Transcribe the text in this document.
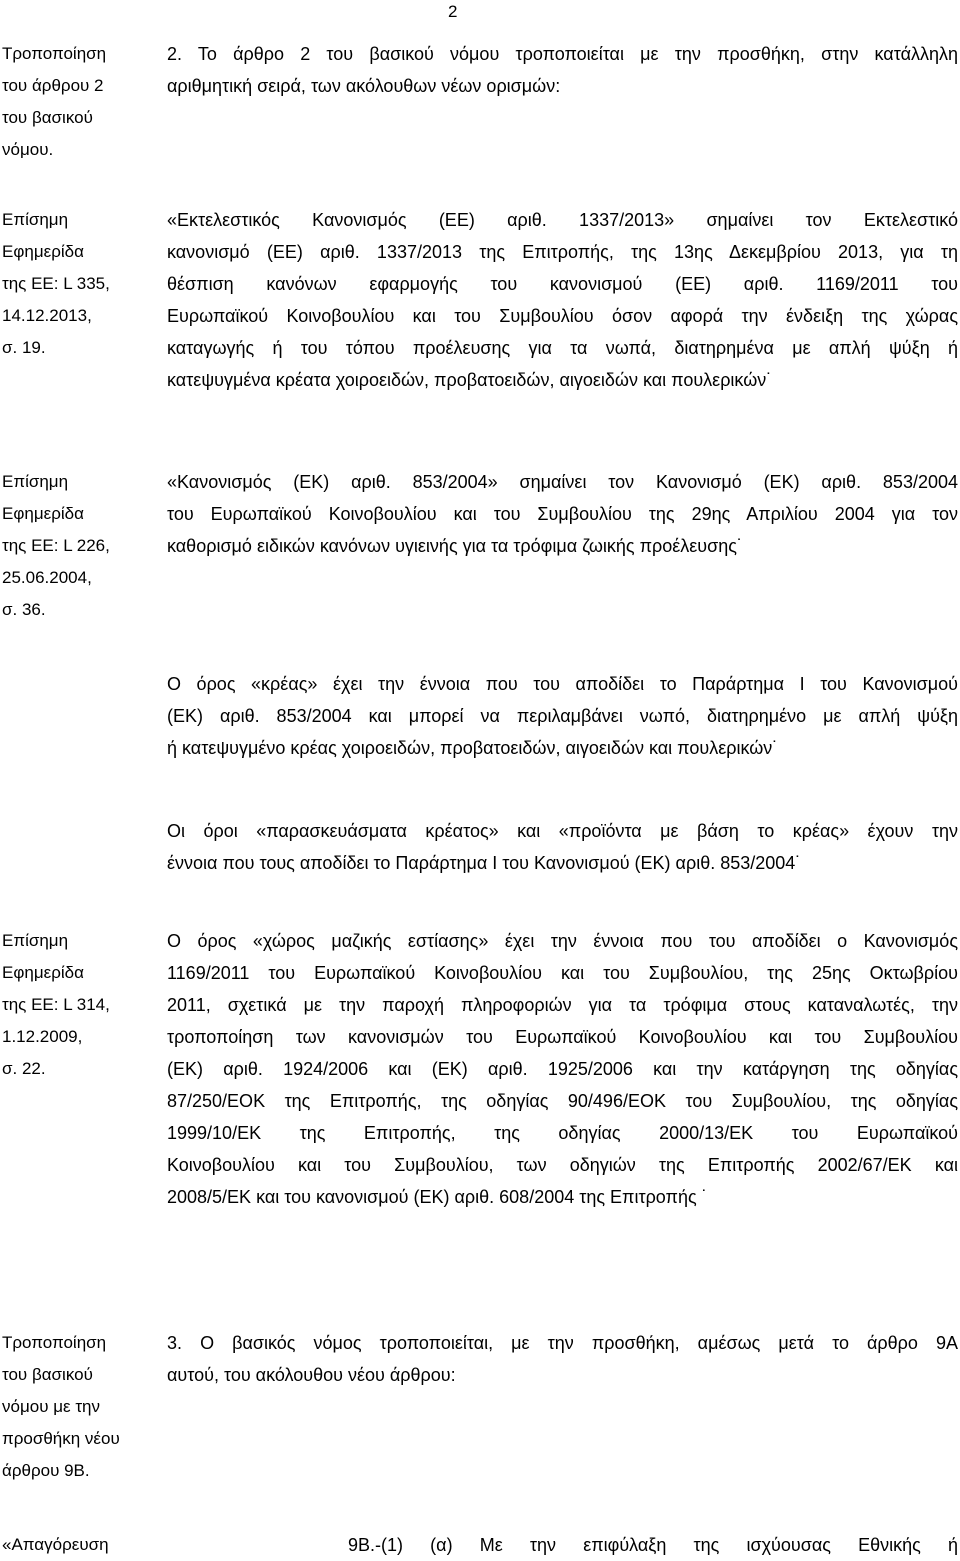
2
Τροποποίηση
του άρθρου 2
του βασικού
νόμου.
2. Το άρθρο 2 του βασικού νόμου τροποποιείται με την προσθήκη, στην κατάλληλη
αριθμητική σειρά, των ακόλουθων νέων ορισμών:
Επίσημη
Εφημερίδα
της ΕΕ: L 335,
14.12.2013,
σ. 19.
«Εκτελεστικός Κανονισμός (ΕΕ) αριθ. 1337/2013» σημαίνει τον Εκτελεστικό
κανονισμό (ΕΕ) αριθ. 1337/2013 της Επιτροπής, της 13ης Δεκεμβρίου 2013, για τη
θέσπιση κανόνων εφαρμογής του κανονισμού (ΕΕ) αριθ. 1169/2011 του
Ευρωπαϊκού Κοινοβουλίου και του Συμβουλίου όσον αφορά την ένδειξη της χώρας
καταγωγής ή του τόπου προέλευσης για τα νωπά, διατηρημένα με απλή ψύξη ή
κατεψυγμένα κρέατα χοιροειδών, προβατοειδών, αιγοειδών και πουλερικών˙
Επίσημη
Εφημερίδα
της ΕΕ: L 226,
25.06.2004,
σ. 36.
«Κανονισμός (ΕΚ) αριθ. 853/2004» σημαίνει τον Κανονισμό (ΕΚ) αριθ. 853/2004
του Ευρωπαϊκού Κοινοβουλίου και του Συμβουλίου της 29ης Απριλίου 2004 για τον
καθορισμό ειδικών κανόνων υγιεινής για τα τρόφιμα ζωικής προέλευσης˙
Ο όρος «κρέας» έχει την έννοια που του αποδίδει το Παράρτημα Ι του Κανονισμού
(ΕΚ) αριθ. 853/2004 και μπορεί να περιλαμβάνει νωπό, διατηρημένο με απλή ψύξη
ή κατεψυγμένο κρέας χοιροειδών, προβατοειδών, αιγοειδών και πουλερικών˙
Οι όροι «παρασκευάσματα κρέατος» και «προϊόντα με βάση το κρέας» έχουν την
έννοια που τους αποδίδει το Παράρτημα Ι του Κανονισμού (ΕΚ) αριθ. 853/2004˙
Επίσημη
Εφημερίδα
της ΕΕ: L 314,
1.12.2009,
σ. 22.
Ο όρος «χώρος μαζικής εστίασης» έχει την έννοια που του αποδίδει ο Κανονισμός
1169/2011 του Ευρωπαϊκού Κοινοβουλίου και του Συμβουλίου, της 25ης Οκτωβρίου
2011, σχετικά με την παροχή πληροφοριών για τα τρόφιμα στους καταναλωτές, την
τροποποίηση των κανονισμών του Ευρωπαϊκού Κοινοβουλίου και του Συμβουλίου
(ΕΚ) αριθ. 1924/2006 και (ΕΚ) αριθ. 1925/2006 και την κατάργηση της οδηγίας
87/250/ΕΟΚ της Επιτροπής, της οδηγίας 90/496/ΕΟΚ του Συμβουλίου, της οδηγίας
1999/10/ΕΚ της Επιτροπής, της οδηγίας 2000/13/ΕΚ του Ευρωπαϊκού
Κοινοβουλίου και του Συμβουλίου, των οδηγιών της Επιτροπής 2002/67/ΕΚ και
2008/5/ΕΚ και του κανονισμού (ΕΚ) αριθ. 608/2004 της Επιτροπής ˙
Τροποποίηση
του βασικού
νόμου με την
προσθήκη νέου
άρθρου 9Β.
3. Ο βασικός νόμος τροποποιείται, με την προσθήκη, αμέσως μετά το άρθρο 9Α
αυτού, του ακόλουθου νέου άρθρου:
«Απαγόρευση	9Β.-(1) (α) Με την επιφύλαξη της ισχύουσας Εθνικής ή
